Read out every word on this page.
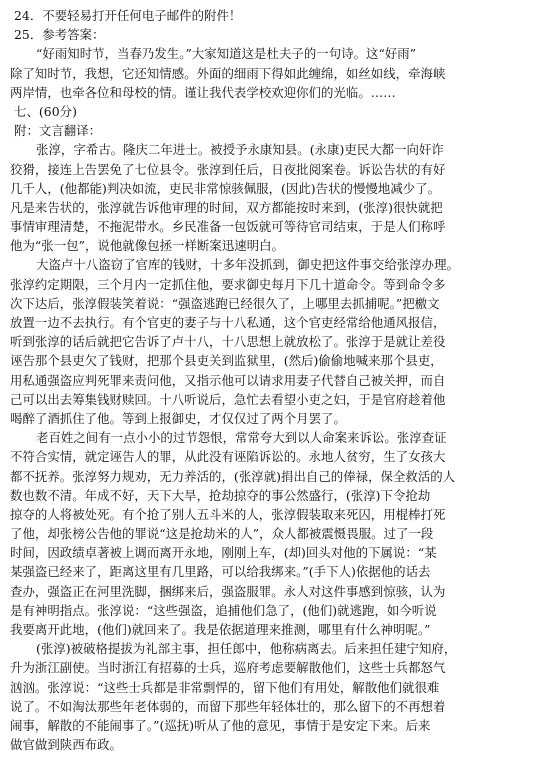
24．不要轻易打开任何电子邮件的附件！
25．参考答案：
“好雨知时节，当春乃发生。”大家知道这是杜夫子的一句诗。这“好雨”
除了知时节，我想，它还知情感。外面的细雨下得如此缠绵，如丝如线，牵海峡
两岸情，也牵各位和母校的情。谨让我代表学校欢迎你们的光临。……
七、(60分)
附：文言翻译：
张淳，字希古。隆庆二年进士。被授予永康知县。(永康)吏民大都一向奸诈
狡猾，接连上告罢免了七位县令。张淳到任后，日夜批阅案卷。诉讼告状的有好
几千人，(他都能)判决如流，吏民非常惊骇佩服，(因此)告状的慢慢地减少了。
凡是来告状的，张淳就告诉他审理的时间，双方都能按时来到，(张淳)很快就把
事情审理清楚，不拖泥带水。乡民准备一包饭就可等待官司结束，于是人们称呼
他为“张一包”，说他就像包拯一样断案迅速明白。
大盗卢十八盗窃了官库的钱财，十多年没抓到，御史把这件事交给张淳办理。
张淳约定期限，三个月内一定抓住他，要求御史每月下几十道命令。等到命令多
次下达后，张淳假装笑着说：“强盗逃跑已经很久了，上哪里去抓捕呢。”把檄文
放置一边不去执行。有个官吏的妻子与十八私通，这个官吏经常给他通风报信，
听到张淳的话后就把它告诉了卢十八，十八思想上就放松了。张淳于是就让差役
诬告那个县吏欠了钱财，把那个县吏关到监狱里，(然后)偷偷地喊来那个县吏，
用私通强盗应判死罪来责问他，又指示他可以请求用妻子代替自己被关押，而自
己可以出去筹集钱财赎回。十八听说后，急忙去看望小吏之妇，于是官府趁着他
喝醉了酒抓住了他。等到上报御史，才仅仅过了两个月罢了。
老百姓之间有一点小小的过节怨恨，常常夸大到以人命案来诉讼。张淳查证
不符合实情，就定诬告人的罪，从此没有诬陷诉讼的。永地人贫穷，生了女孩大
都不抚养。张淳努力规劝，无力养活的，(张淳就)捐出自己的俸禄，保全救活的人
数也数不清。年成不好，天下大旱，抢劫掠夺的事公然盛行，(张淳)下令抢劫
掠夺的人将被处死。有个抢了别人五斗米的人，张淳假装取来死囚，用棍棒打死
了他，却张榜公告他的罪说“这是抢劫米的人”，众人都被震慑畏服。过了一段
时间，因政绩卓著被上调而离开永地，刚刚上车，(却)回头对他的下属说：“某
某强盗已经来了，距离这里有几里路，可以给我绑来。”(手下人)依据他的话去
查办，强盗正在河里洗脚，捆绑来后，强盗服罪。永人对这件事感到惊骇，认为
是有神明指点。张淳说：“这些强盗，追捕他们急了，(他们)就逃跑，如今听说
我要离开此地，(他们)就回来了。我是依据道理来推测，哪里有什么神明呢。”
(张淳)被破格提拔为礼部主事，担任郎中，他称病离去。后来担任建宁知府，
升为浙江副使。当时浙江有招募的士兵，巡府考虑要解散他们，这些士兵都怒气
汹汹。张淳说：“这些士兵都是非常剽悍的，留下他们有用处，解散他们就很难
说了。不如淘汰那些年老体弱的，而留下那些年轻体壮的，那么留下的不再想着
闹事，解散的不能闹事了。”(巡抚)听从了他的意见，事情于是安定下来。后来
做官做到陕西布政。
